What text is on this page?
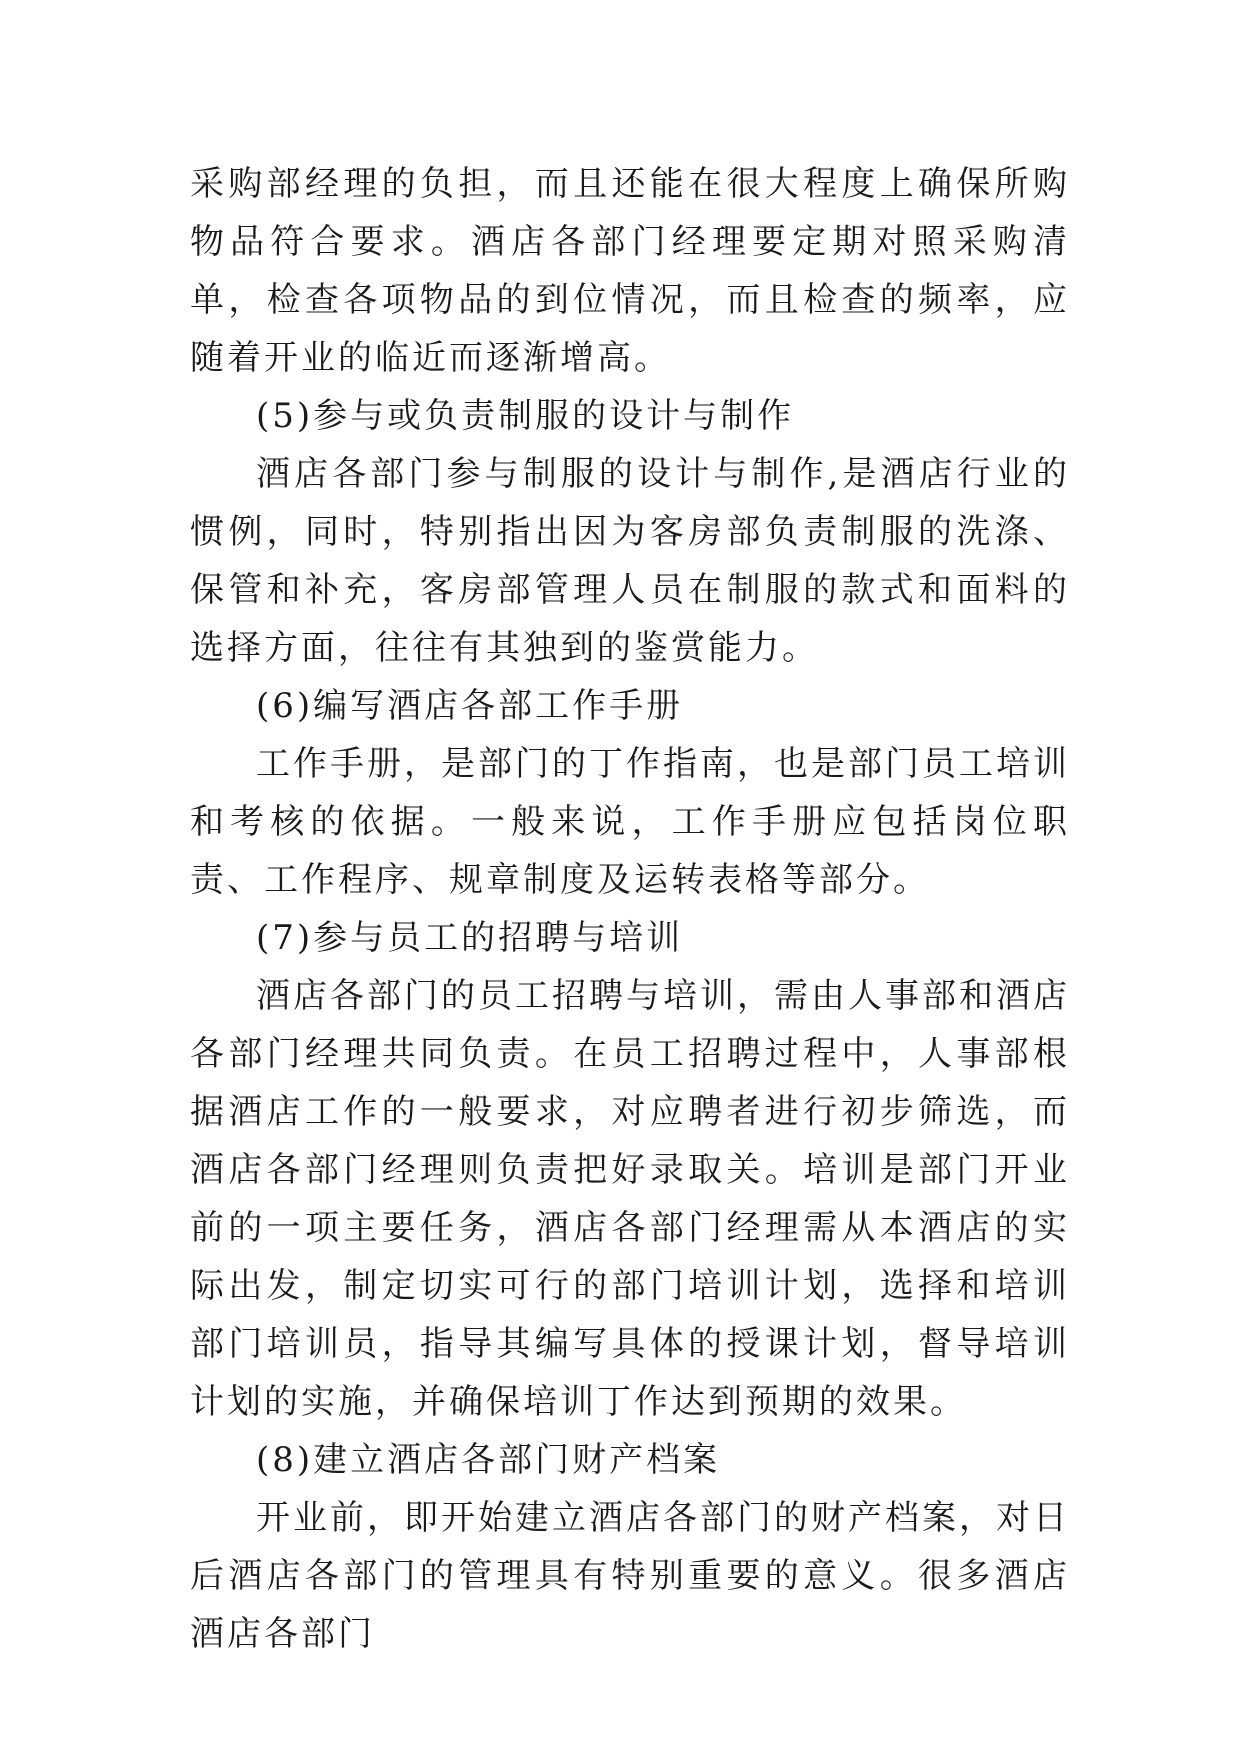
采购部经理的负担，而且还能在很大程度上确保所购物品符合要求。酒店各部门经理要定期对照采购清单，检查各项物品的到位情况，而且检查的频率，应随着开业的临近而逐渐增高。

(5)参与或负责制服的设计与制作

酒店各部门参与制服的设计与制作,是酒店行业的惯例，同时，特别指出因为客房部负责制服的洗涤、保管和补充，客房部管理人员在制服的款式和面料的选择方面，往往有其独到的鉴赏能力。

(6)编写酒店各部工作手册

工作手册，是部门的丁作指南，也是部门员工培训和考核的依据。一般来说，工作手册应包括岗位职责、工作程序、规章制度及运转表格等部分。

(7)参与员工的招聘与培训

酒店各部门的员工招聘与培训，需由人事部和酒店各部门经理共同负责。在员工招聘过程中，人事部根据酒店工作的一般要求，对应聘者进行初步筛选，而酒店各部门经理则负责把好录取关。培训是部门开业前的一项主要任务，酒店各部门经理需从本酒店的实际出发，制定切实可行的部门培训计划，选择和培训部门培训员，指导其编写具体的授课计划，督导培训计划的实施，并确保培训丁作达到预期的效果。

(8)建立酒店各部门财产档案

开业前，即开始建立酒店各部门的财产档案，对日后酒店各部门的管理具有特别重要的意义。很多酒店酒店各部门
